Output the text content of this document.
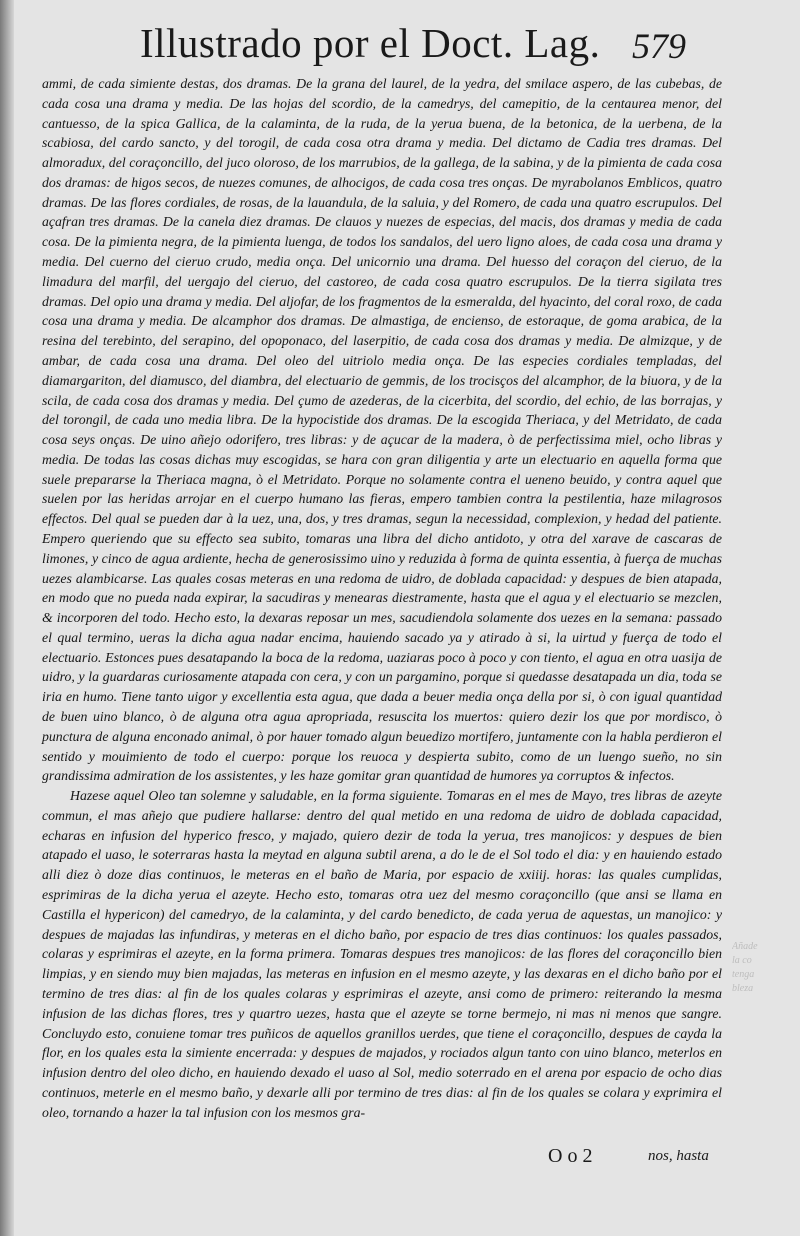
Illustrado por el Doct. Lag. 579

ammi, de cada simiente destas, dos dramas. De la grana del laurel, de la yedra, del smilace aspero, de las cubebas, de cada cosa una drama y media. De las hojas del scordio, de la camedrys, del camepitio, de la centaurea menor, del cantuesso, de la spica Gallica, de la calaminta, de la ruda, de la yerua buena, de la betonica, de la uerbena, de la scabiosa, del cardo sancto, y del torogil, de cada cosa otra drama y media. Del dictamo de Cadia tres dramas. Del almoradux, del coraçoncillo, del juco oloroso, de los marrubios, de la gallega, de la sabina, y de la pimienta de cada cosa dos dramas: de higos secos, de nuezes comunes, de alhocigos, de cada cosa tres onças. De myrabolanos Emblicos, quatro dramas. De las flores cordiales, de rosas, de la lauandula, de la saluia, y del Romero, de cada una quatro escrupulos. Del açafran tres dramas. De la canela diez dramas. De clauos y nuezes de especias, del macis, dos dramas y media de cada cosa. De la pimienta negra, de la pimienta luenga, de todos los sandalos, del uero ligno aloes, de cada cosa una drama y media. Del cuerno del cieruo crudo, media onça. Del unicornio una drama. Del huesso del coraçon del cieruo, de la limadura del marfil, del uergajo del cieruo, del castoreo, de cada cosa quatro escrupulos. De la tierra sigilata tres dramas. Del opio una drama y media. Del aljofar, de los fragmentos de la esmeralda, del hyacinto, del coral roxo, de cada cosa una drama y media. De alcamphor dos dramas. De almastiga, de encienso, de estoraque, de goma arabica, de la resina del terebinto, del serapino, del opoponaco, del laserpitio, de cada cosa dos dramas y media. De almizque, y de ambar, de cada cosa una drama. Del oleo del uitriolo media onça. De las especies cordiales templadas, del diamargariton, del diamusco, del diambra, del electuario de gemmis, de los trocisços del alcamphor, de la biuora, y de la scila, de cada cosa dos dramas y media. Del çumo de azederas, de la cicerbita, del scordio, del echio, de las borrajas, y del torongil, de cada uno media libra. De la hypocistide dos dramas. De la escogida Theriaca, y del Metridato, de cada cosa seys onças. De uino añejo odorifero, tres libras: y de açucar de la madera, ò de perfectissima miel, ocho libras y media. De todas las cosas dichas muy escogidas, se hara con gran diligentia y arte un electuario en aquella forma que suele prepararse la Theriaca magna, ò el Metridato. Porque no solamente contra el ueneno beuido, y contra aquel que suelen por las heridas arrojar en el cuerpo humano las fieras, empero tambien contra la pestilentia, haze milagrosos effectos. Del qual se pueden dar à la uez, una, dos, y tres dramas, segun la necessidad, complexion, y hedad del patiente. Empero queriendo que su effecto sea subito, tomaras una libra del dicho antidoto, y otra del xarave de cascaras de limones, y cinco de agua ardiente, hecha de generosissimo uino y reduzida à forma de quinta essentia, à fuerça de muchas uezes alambicarse. Las quales cosas meteras en una redoma de uidro, de doblada capacidad: y despues de bien atapada, en modo que no pueda nada expirar, la sacudiras y menearas diestramente, hasta que el agua y el electuario se mezclen, & incorporen del todo. Hecho esto, la dexaras reposar un mes, sacudiendola solamente dos uezes en la semana: passado el qual termino, ueras la dicha agua nadar encima, hauiendo sacado ya y atirado à si, la uirtud y fuerça de todo el electuario. Estonces pues desatapando la boca de la redoma, uaziaras poco à poco y con tiento, el agua en otra uasija de uidro, y la guardaras curiosamente atapada con cera, y con un pargamino, porque si quedasse desatapada un dia, toda se iria en humo. Tiene tanto uigor y excellentia esta agua, que dada a beuer media onça della por si, ò con igual quantidad de buen uino blanco, ò de alguna otra agua apropriada, resuscita los muertos: quiero dezir los que por mordisco, ò punctura de alguna enconado animal, ò por hauer tomado algun beuedizo mortifero, juntamente con la habla perdieron el sentido y mouimiento de todo el cuerpo: porque los reuoca y despierta subito, como de un luengo sueño, no sin grandissima admiration de los assistentes, y les haze gomitar gran quantidad de humores ya corruptos & infectos.

Hazese aquel Oleo tan solemne y saludable, en la forma siguiente. Tomaras en el mes de Mayo, tres libras de azeyte commun, el mas añejo que pudiere hallarse: dentro del qual metido en una redoma de uidro de doblada capacidad, echaras en infusion del hyperico fresco, y majado, quiero dezir de toda la yerua, tres manojicos: y despues de bien atapado el uaso, le soterraras hasta la meytad en alguna subtil arena, a do le de el Sol todo el dia: y en hauiendo estado alli diez ò doze dias continuos, le meteras en el baño de Maria, por espacio de xxiiij. horas: las quales cumplidas, esprimiras de la dicha yerua el azeyte. Hecho esto, tomaras otra uez del mesmo coraçoncillo (que ansi se llama en Castilla el hypericon) del camedryo, de la calaminta, y del cardo benedicto, de cada yerua de aquestas, un manojico: y despues de majadas las infundiras, y meteras en el dicho baño, por espacio de tres dias continuos: los quales passados, colaras y esprimiras el azeyte, en la forma primera. Tomaras despues tres manojicos: de las flores del coraçoncillo bien limpias, y en siendo muy bien majadas, las meteras en infusion en el mesmo azeyte, y las dexaras en el dicho baño por el termino de tres dias: al fin de los quales colaras y esprimiras el azeyte, ansi como de primero: reiterando la mesma infusion de las dichas flores, tres y quartro uezes, hasta que el azeyte se torne bermejo, ni mas ni menos que sangre. Concluydo esto, conuiene tomar tres puñicos de aquellos granillos uerdes, que tiene el coraçoncillo, despues de cayda la flor, en los quales esta la simiente encerrada: y despues de majados, y rociados algun tanto con uino blanco, meterlos en infusion dentro del oleo dicho, en hauiendo dexado el uaso al Sol, medio soterrado en el arena por espacio de ocho dias continuos, meterle en el mesmo baño, y dexarle alli por termino de tres dias: al fin de los quales se colara y exprimira el oleo, tornando a hazer la tal infusion con los mesmos gra-

Añade
la co
tenga
bleza
O o 2	nos, hasta
